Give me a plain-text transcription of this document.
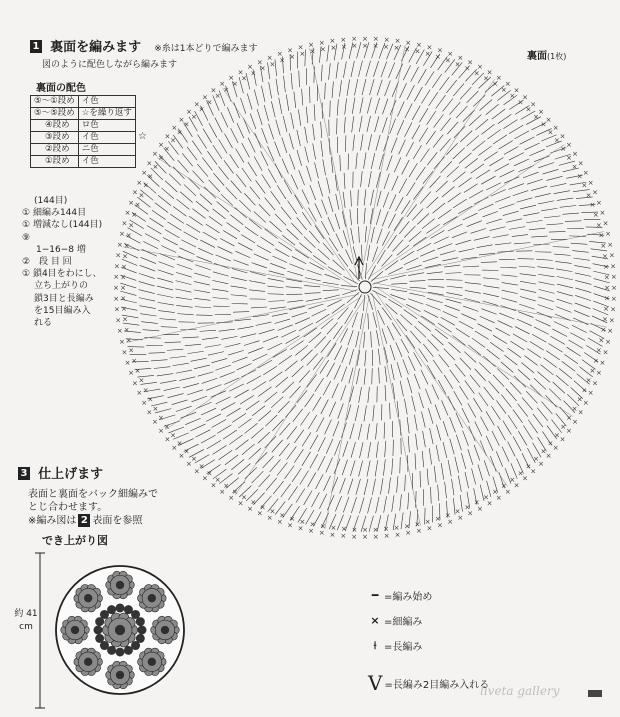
1 裏面を編みます ※糸は1本どりで編みます
図のように配色しながら編みます
裏面の配色
⑤〜①段め	イ色
⑤〜⑤段め	☆を繰り返す
④段め	ロ色
③段め	イ色
②段め	ニ色
①段め	イ色
☆
(144目)
① 細編み144目
① 増減なし(144目)
⑨
1−16−8 増
② 段 目 回
① 鎖4目をわにし、
立ち上がりの
鎖3目と長編み
を15目編み入
れる
裏面(1枚)
×
×
×
×
×
×
×
×
×
×
×
×
×
×
×
×
×
×
×
×
×
×
×
×
×
×
×
×
×
×
×
×
×
×
×
×
×
×
×
×
×
×
×
×
×
×
×
×
×
×
×
×
×
×
×
×
×
×
×
×
×
×
×
×
×
×
×
×
×
×
×
×
×
×
×
×
×
×
×
×
×
×
×
×
×
×
×
×
×
×
×
×
×
×
×
×
×
×
×
× × × × × × × × × × × × × × × × × × ×
×
×
×
×
×
×
×
×
×
×
×
×
×
×
×
×
×
×
×
×
×
×
×
×
×
×
×
×
×
×
×
×
×
×
×
×
×
×
×
×
×
×
×
×
×
×
×
×
×
×
×
×
×
×
×
×
×
×
×
×
×
×
×
×
×
×
×
×
×
×
×
×
×
×
×
×
×
×
×
×
×
×
×
×
×
×
×
×
×
×
×
×
×
×
×
×
×
×
×
×
×
×
×
×
×
×
×
×
×
×
×
×
×
×
×
×
×
×
×
×
×
×
×
×
×
× × × × × × × × × × × × × × × × × × ×
×
×
×
×
×
×
×
×
×
×
×
×
×
×
×
×
×
×
×
×
×
×
×
×
×
×
3 仕上げます
表面と裏面をバック細編みで
とじ合わせます。
※編み図は 2 表面を参照
でき上がり図
約 41 cm
━ =編み始め
× =細編み
⟊ =長編み
V =長編み2目編み入れる
liveta gallery
